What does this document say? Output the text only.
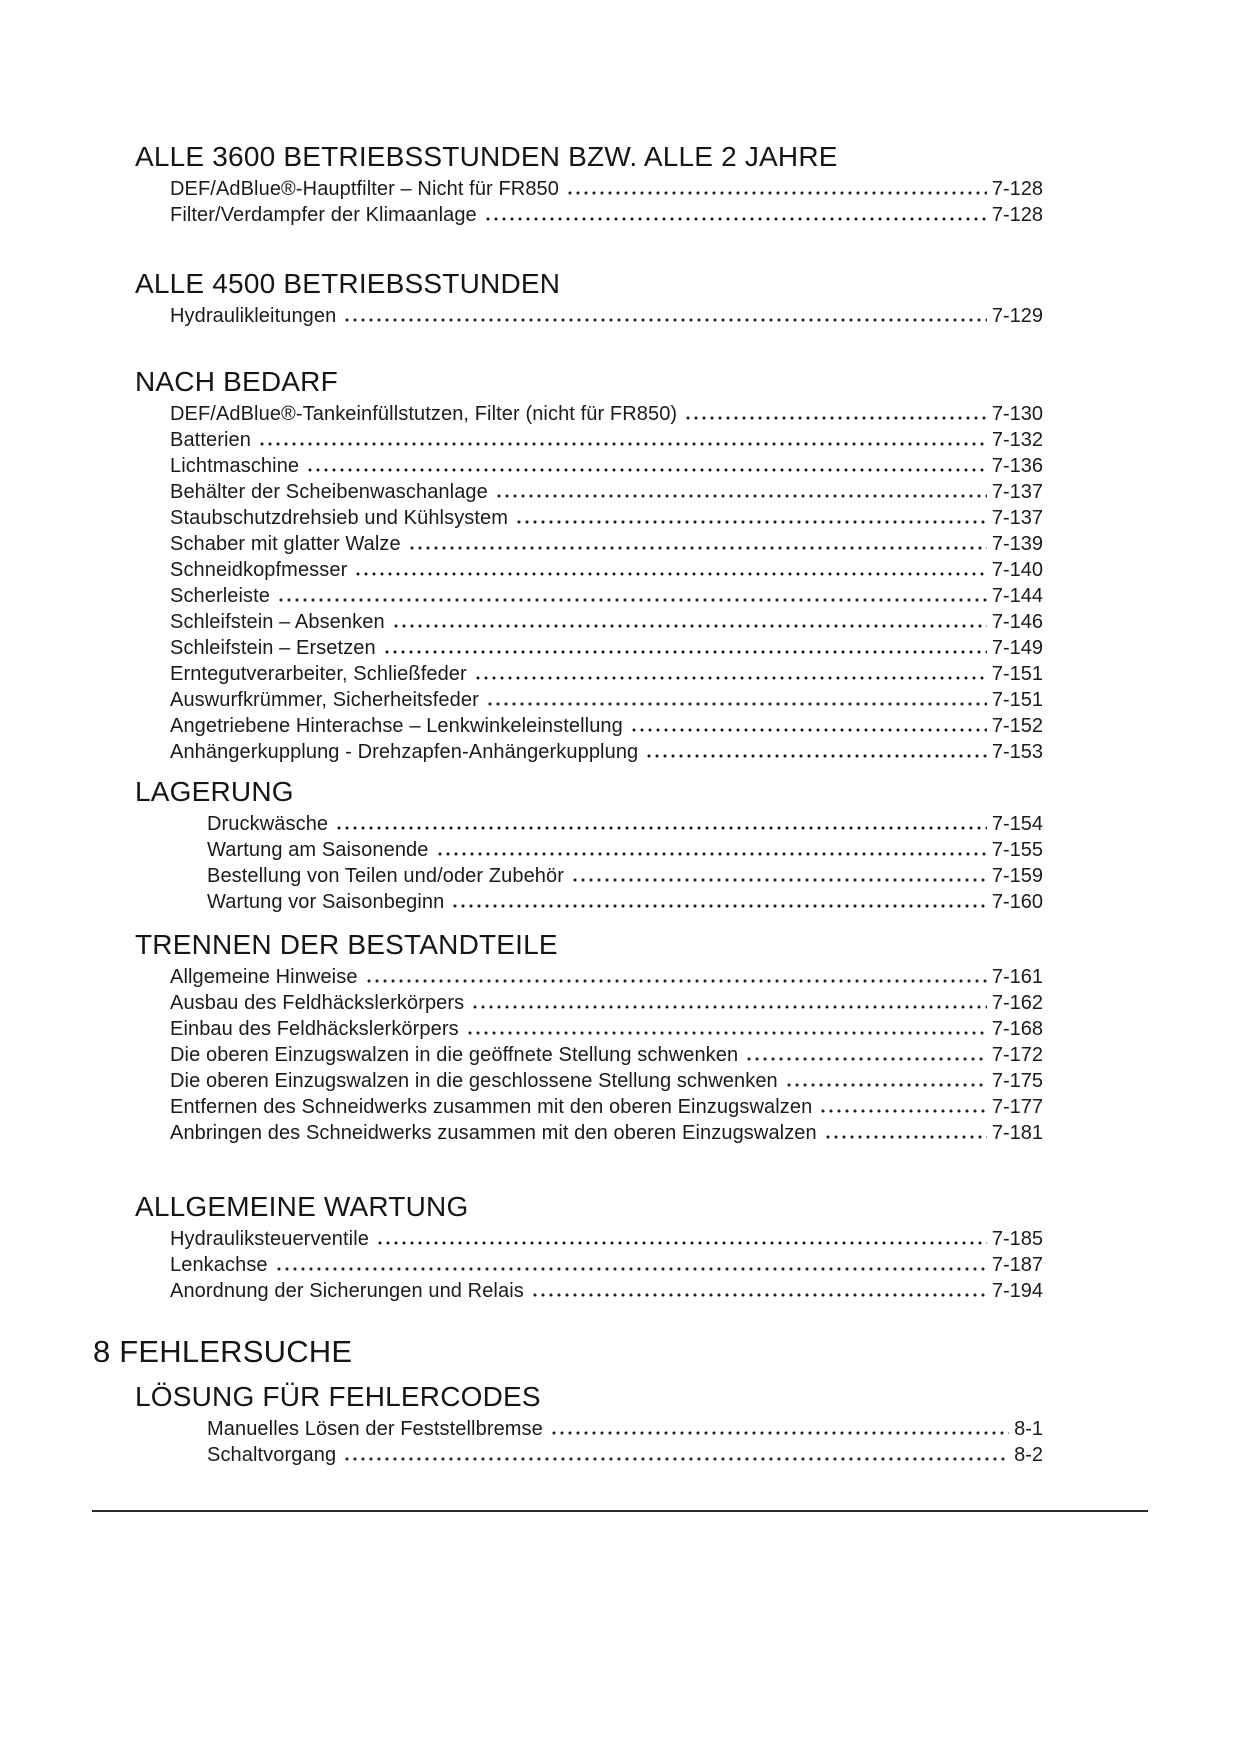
ALLE 3600 BETRIEBSSTUNDEN BZW. ALLE 2 JAHRE
DEF/AdBlue®-Hauptfilter – Nicht für FR850	7-128
Filter/Verdampfer der Klimaanlage	7-128
ALLE 4500 BETRIEBSSTUNDEN
Hydraulikleitungen	7-129
NACH BEDARF
DEF/AdBlue®-Tankeinfüllstutzen, Filter (nicht für FR850)	7-130
Batterien	7-132
Lichtmaschine	7-136
Behälter der Scheibenwaschanlage	7-137
Staubschutzdrehsieb und Kühlsystem	7-137
Schaber mit glatter Walze	7-139
Schneidkopfmesser	7-140
Scherleiste	7-144
Schleifstein – Absenken	7-146
Schleifstein – Ersetzen	7-149
Erntegutverarbeiter, Schließfeder	7-151
Auswurfkrümmer, Sicherheitsfeder	7-151
Angetriebene Hinterachse – Lenkwinkeleinstellung	7-152
Anhängerkupplung - Drehzapfen-Anhängerkupplung	7-153
LAGERUNG
Druckwäsche	7-154
Wartung am Saisonende	7-155
Bestellung von Teilen und/oder Zubehör	7-159
Wartung vor Saisonbeginn	7-160
TRENNEN DER BESTANDTEILE
Allgemeine Hinweise	7-161
Ausbau des Feldhäckslerkörpers	7-162
Einbau des Feldhäckslerkörpers	7-168
Die oberen Einzugswalzen in die geöffnete Stellung schwenken	7-172
Die oberen Einzugswalzen in die geschlossene Stellung schwenken	7-175
Entfernen des Schneidwerks zusammen mit den oberen Einzugswalzen	7-177
Anbringen des Schneidwerks zusammen mit den oberen Einzugswalzen	7-181
ALLGEMEINE WARTUNG
Hydrauliksteuerventile	7-185
Lenkachse	7-187
Anordnung der Sicherungen und Relais	7-194
8 FEHLERSUCHE
LÖSUNG FÜR FEHLERCODES
Manuelles Lösen der Feststellbremse	8-1
Schaltvorgang	8-2
